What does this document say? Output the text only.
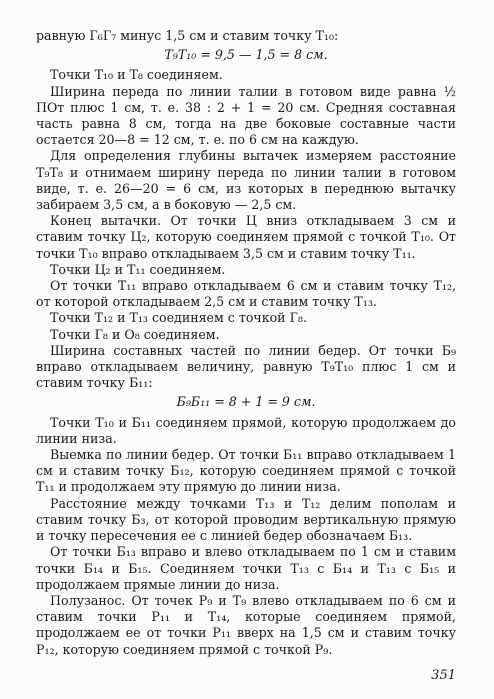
равную Г₆Г₇ минус 1,5 см и ставим точку Т₁₀:

Т₉Т₁₀ = 9,5 — 1,5 = 8 см.

Точки Т₁₀ и Т₈ соединяем.

Ширина переда по линии талии в готовом виде равна ½ ПОт плюс 1 см, т. е. 38 : 2 + 1 = 20 см. Средняя составная часть равна 8 см, тогда на две боковые составные части остается 20—8 = 12 см, т. е. по 6 см на каждую.

Для определения глубины вытачек измеряем расстояние Т₉Т₈ и отнимаем ширину переда по линии талии в готовом виде, т. е. 26—20 = 6 см, из которых в переднюю вытачку забираем 3,5 см, а в боковую — 2,5 см.

Конец вытачки. От точки Ц вниз откладываем 3 см и ставим точку Ц₂, которую соединяем прямой с точкой Т₁₀. От точки Т₁₀ вправо откладываем 3,5 см и ставим точку Т₁₁.

Точки Ц₂ и Т₁₁ соединяем.

От точки Т₁₁ вправо откладываем 6 см и ставим точку Т₁₂, от которой откладываем 2,5 см и ставим точку Т₁₃.

Точки Т₁₂ и Т₁₃ соединяем с точкой Г₈.

Точки Г₈ и О₈ соединяем.

Ширина составных частей по линии бедер. От точки Б₉ вправо откладываем величину, равную Т₉Т₁₀ плюс 1 см и ставим точку Б₁₁:

Б₉Б₁₁ = 8 + 1 = 9 см.

Точки Т₁₀ и Б₁₁ соединяем прямой, которую продолжаем до линии низа.

Выемка по линии бедер. От точки Б₁₁ вправо откладываем 1 см и ставим точку Б₁₂, которую соединяем прямой с точкой Т₁₁ и продолжаем эту прямую до линии низа.

Расстояние между точками Т₁₃ и Т₁₂ делим пополам и ставим точку Б₃, от которой проводим вертикальную прямую и точку пересечения ее с линией бедер обозначаем Б₁₃.

От точки Б₁₃ вправо и влево откладываем по 1 см и ставим точки Б₁₄ и Б₁₅. Соединяем точки Т₁₃ с Б₁₄ и Т₁₃ с Б₁₅ и продолжаем прямые линии до низа.

Полузанос. От точек Р₉ и Т₉ влево откладываем по 6 см и ставим точки Р₁₁ и Т₁₄, которые соединяем прямой, продолжаем ее от точки Р₁₁ вверх на 1,5 см и ставим точку Р₁₂, которую соединяем прямой с точкой Р₉.

351
